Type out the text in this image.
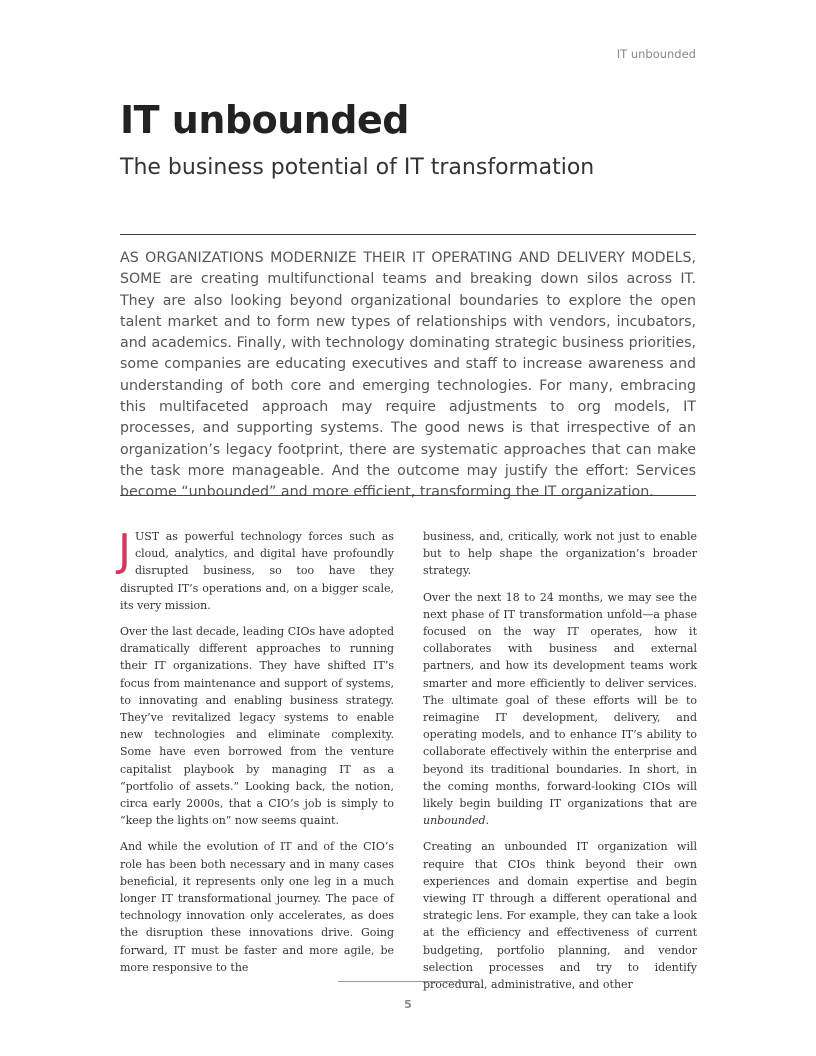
IT unbounded
IT unbounded
The business potential of IT transformation

AS ORGANIZATIONS MODERNIZE THEIR IT OPERATING AND DELIVERY MODELS, SOME are creating multifunctional teams and breaking down silos across IT. They are also looking beyond organizational boundaries to explore the open talent market and to form new types of relationships with vendors, incubators, and academics. Finally, with technology dominating strategic business priorities, some companies are educating executives and staff to increase awareness and understanding of both core and emerging technologies. For many, embracing this multifaceted approach may require adjustments to org models, IT processes, and supporting systems. The good news is that irrespective of an organization’s legacy footprint, there are systematic approaches that can make the task more manageable. And the outcome may justify the effort: Services become “unbounded” and more efficient, transforming the IT organization.

JUST as powerful technology forces such as cloud, analytics, and digital have profoundly disrupted business, so too have they disrupted IT’s operations and, on a bigger scale, its very mission.

Over the last decade, leading CIOs have adopted dramatically different approaches to running their IT organizations. They have shifted IT’s focus from maintenance and support of systems, to innovating and enabling business strategy. They’ve revitalized legacy systems to enable new technologies and eliminate complexity. Some have even borrowed from the venture capitalist playbook by managing IT as a “portfolio of assets.” Looking back, the notion, circa early 2000s, that a CIO’s job is simply to “keep the lights on” now seems quaint.

And while the evolution of IT and of the CIO’s role has been both necessary and in many cases beneficial, it represents only one leg in a much longer IT transformational journey. The pace of technology innovation only accelerates, as does the disruption these innovations drive. Going forward, IT must be faster and more agile, be more responsive to the

business, and, critically, work not just to enable but to help shape the organization’s broader strategy.

Over the next 18 to 24 months, we may see the next phase of IT transformation unfold—a phase focused on the way IT operates, how it collaborates with business and external partners, and how its development teams work smarter and more efficiently to deliver services. The ultimate goal of these efforts will be to reimagine IT development, delivery, and operating models, and to enhance IT’s ability to collaborate effectively within the enterprise and beyond its traditional boundaries. In short, in the coming months, forward-looking CIOs will likely begin building IT organizations that are unbounded.

Creating an unbounded IT organization will require that CIOs think beyond their own experiences and domain expertise and begin viewing IT through a different operational and strategic lens. For example, they can take a look at the efficiency and effectiveness of current budgeting, portfolio planning, and vendor selection processes and try to identify procedural, administrative, and other

5
